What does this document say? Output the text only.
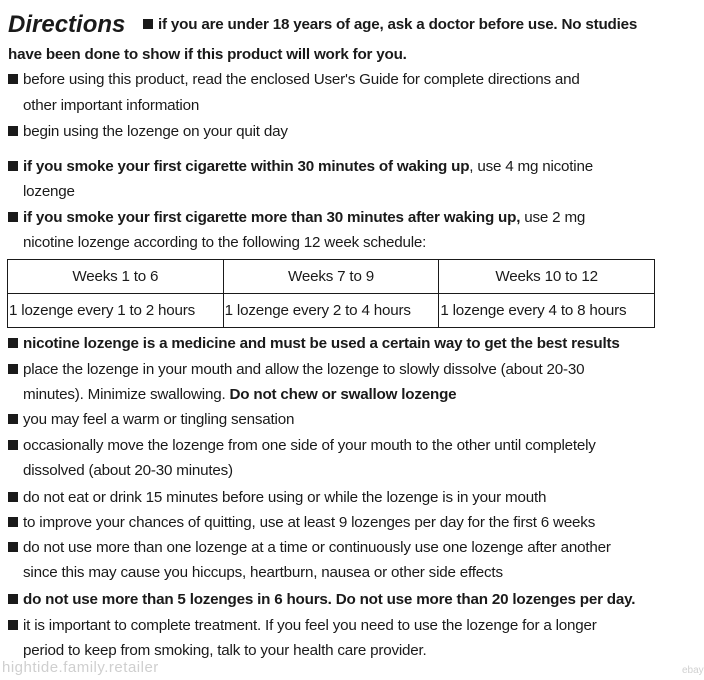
Directions	if you are under 18 years of age, ask a doctor before use. No studies
have been done to show if this product will work for you.
before using this product, read the enclosed User's Guide for complete directions and
other important information
begin using the lozenge on your quit day
if you smoke your first cigarette within 30 minutes of waking up, use 4 mg nicotine
lozenge
if you smoke your first cigarette more than 30 minutes after waking up, use 2 mg
nicotine lozenge according to the following 12 week schedule:
Weeks 1 to 6	Weeks 7 to 9	Weeks 10 to 12
1 lozenge every 1 to 2 hours	1 lozenge every 2 to 4 hours	1 lozenge every 4 to 8 hours
nicotine lozenge is a medicine and must be used a certain way to get the best results
place the lozenge in your mouth and allow the lozenge to slowly dissolve (about 20-30
minutes). Minimize swallowing. Do not chew or swallow lozenge
you may feel a warm or tingling sensation
occasionally move the lozenge from one side of your mouth to the other until completely
dissolved (about 20-30 minutes)
do not eat or drink 15 minutes before using or while the lozenge is in your mouth
to improve your chances of quitting, use at least 9 lozenges per day for the first 6 weeks
do not use more than one lozenge at a time or continuously use one lozenge after another
since this may cause you hiccups, heartburn, nausea or other side effects
do not use more than 5 lozenges in 6 hours. Do not use more than 20 lozenges per day.
it is important to complete treatment. If you feel you need to use the lozenge for a longer
period to keep from smoking, talk to your health care provider.
hightide.family.retailer	ebay
